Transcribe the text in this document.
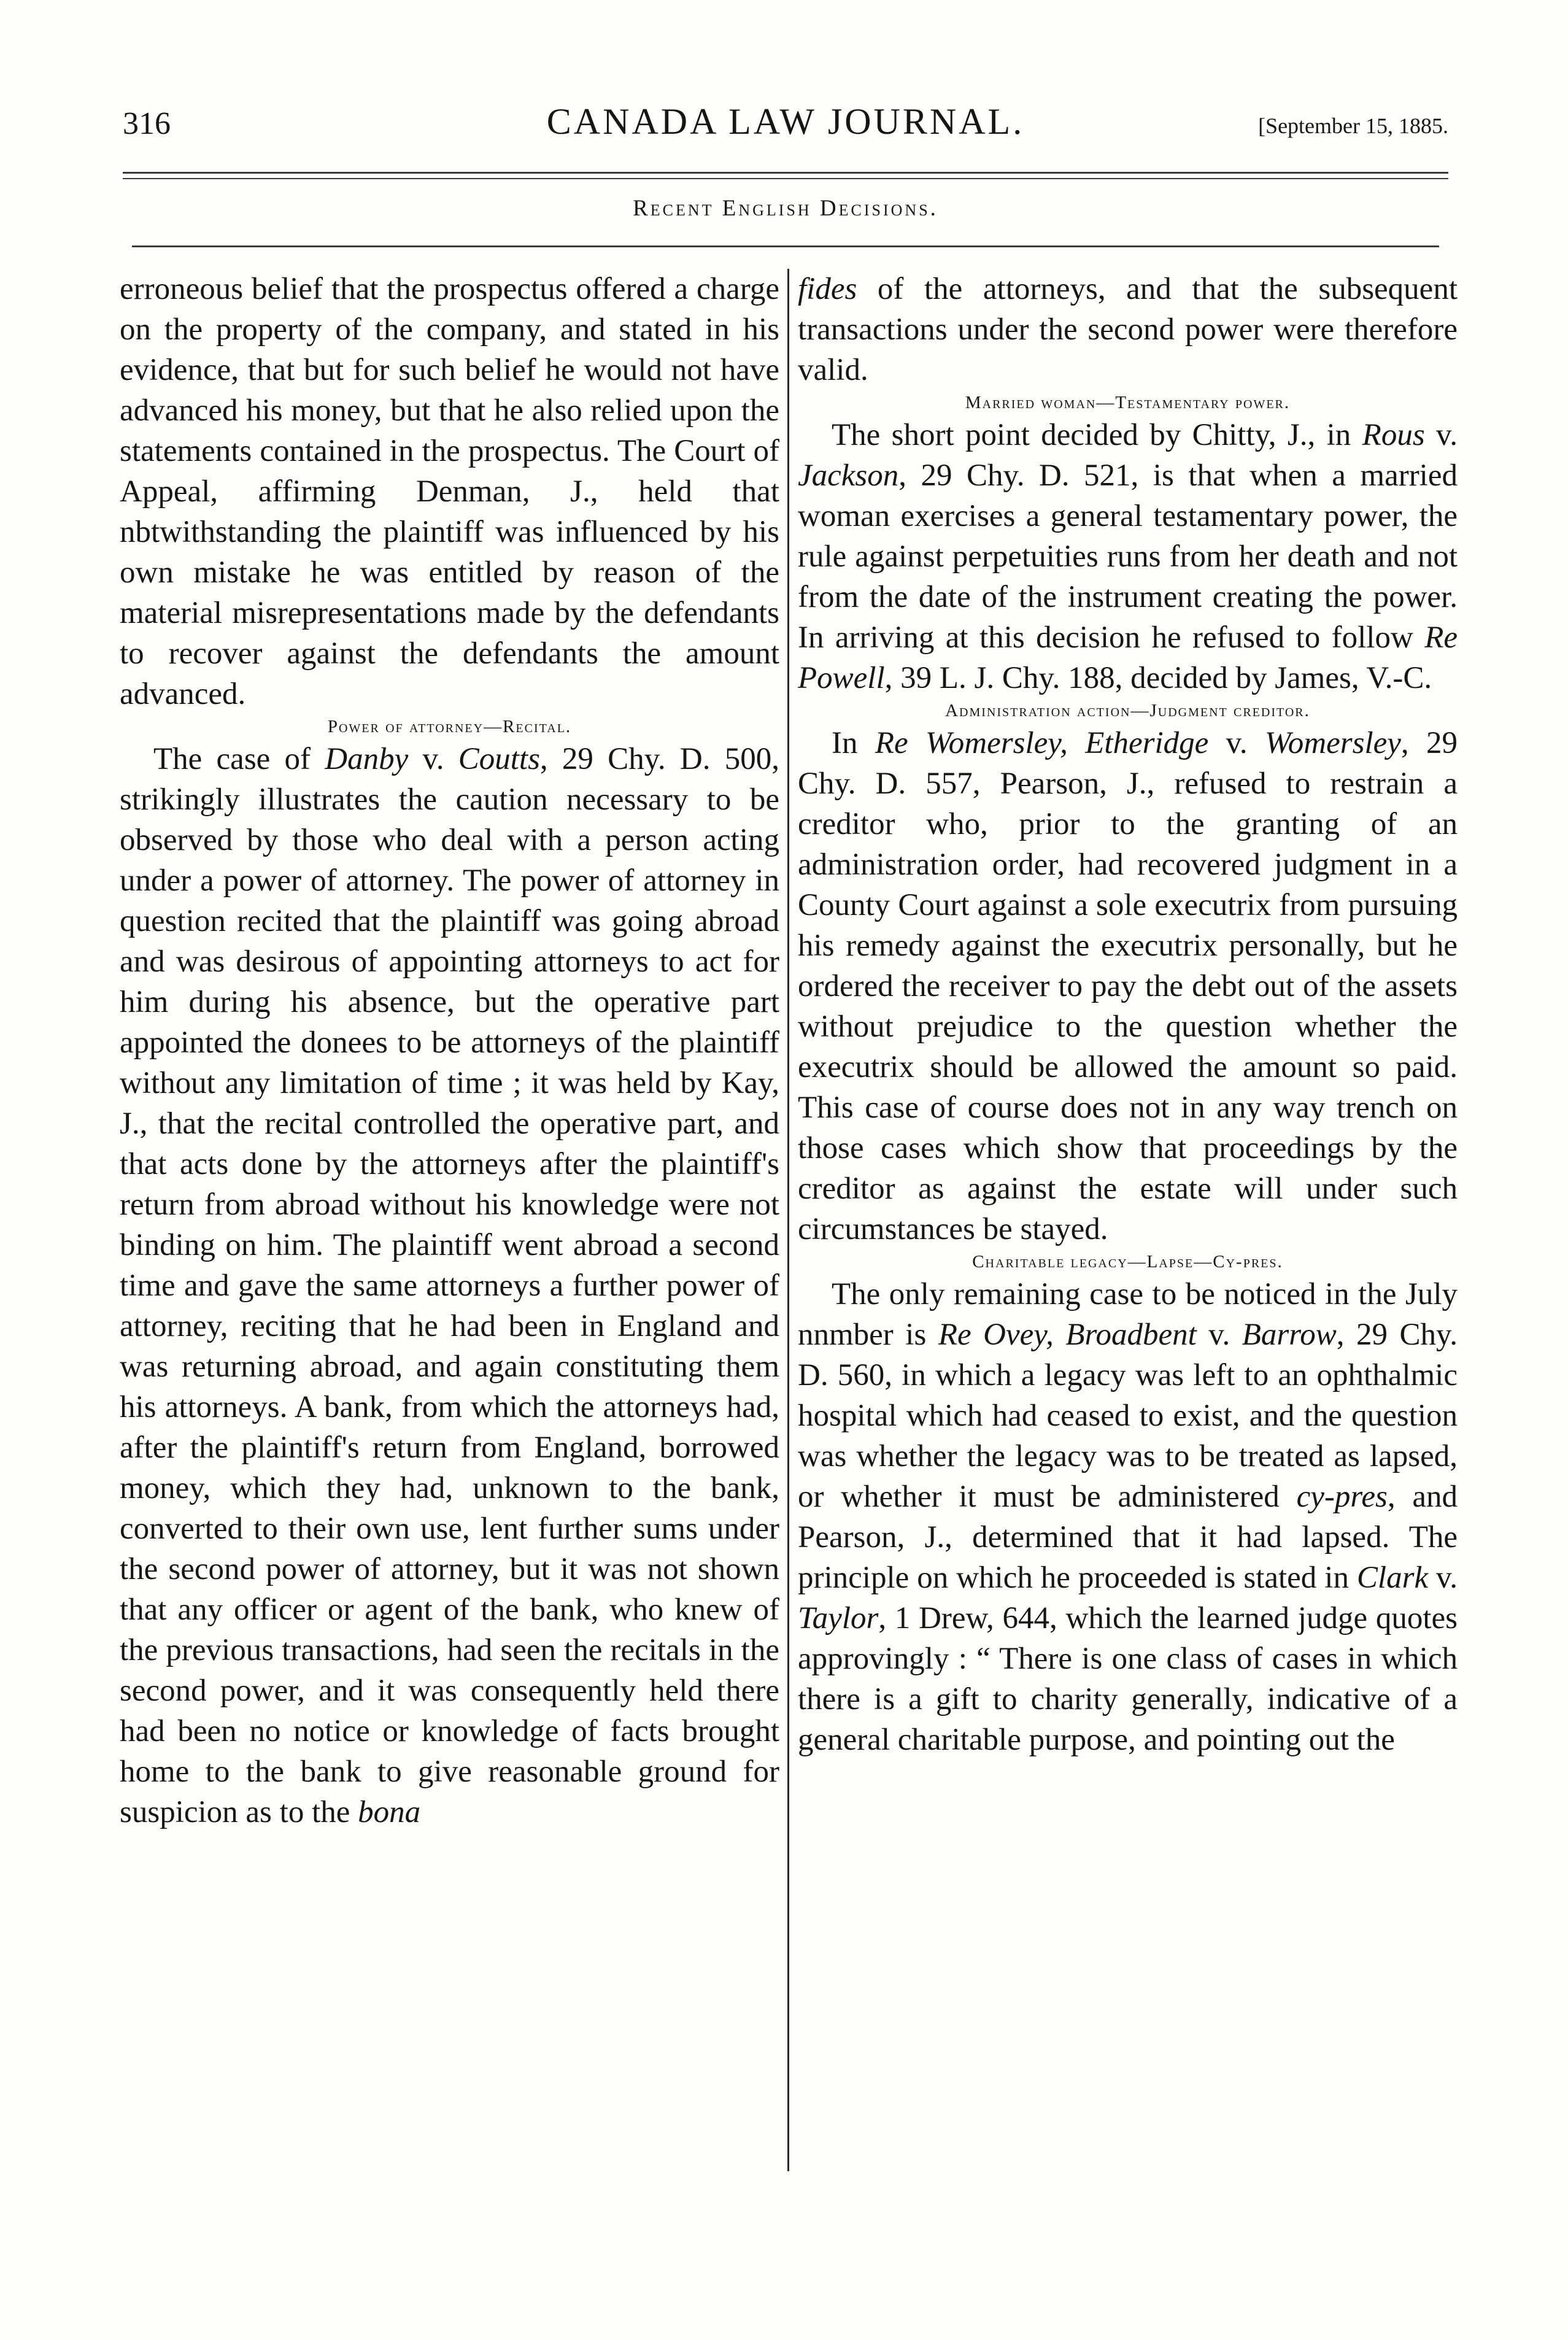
316	CANADA LAW JOURNAL.	[September 15, 1885.
Recent English Decisions.

erroneous belief that the prospectus offered a charge on the property of the company, and stated in his evidence, that but for such belief he would not have advanced his money, but that he also relied upon the statements contained in the prospectus. The Court of Appeal, affirming Denman, J., held that nbtwithstanding the plaintiff was influenced by his own mistake he was entitled by reason of the material misrepresentations made by the defendants to recover against the defendants the amount advanced.

Power of attorney—Recital.

The case of Danby v. Coutts, 29 Chy. D. 500, strikingly illustrates the caution necessary to be observed by those who deal with a person acting under a power of attorney. The power of attorney in question recited that the plaintiff was going abroad and was desirous of appointing attorneys to act for him during his absence, but the operative part appointed the donees to be attorneys of the plaintiff without any limitation of time ; it was held by Kay, J., that the recital controlled the operative part, and that acts done by the attorneys after the plaintiff's return from abroad without his knowledge were not binding on him. The plaintiff went abroad a second time and gave the same attorneys a further power of attorney, reciting that he had been in England and was returning abroad, and again constituting them his attorneys. A bank, from which the attorneys had, after the plaintiff's return from England, borrowed money, which they had, unknown to the bank, converted to their own use, lent further sums under the second power of attorney, but it was not shown that any officer or agent of the bank, who knew of the previous transactions, had seen the recitals in the second power, and it was consequently held there had been no notice or knowledge of facts brought home to the bank to give reasonable ground for suspicion as to the bona

fides of the attorneys, and that the subsequent transactions under the second power were therefore valid.

Married woman—Testamentary power.

The short point decided by Chitty, J., in Rous v. Jackson, 29 Chy. D. 521, is that when a married woman exercises a general testamentary power, the rule against perpetuities runs from her death and not from the date of the instrument creating the power. In arriving at this decision he refused to follow Re Powell, 39 L. J. Chy. 188, decided by James, V.-C.

Administration action—Judgment creditor.

In Re Womersley, Etheridge v. Womersley, 29 Chy. D. 557, Pearson, J., refused to restrain a creditor who, prior to the granting of an administration order, had recovered judgment in a County Court against a sole executrix from pursuing his remedy against the executrix personally, but he ordered the receiver to pay the debt out of the assets without prejudice to the question whether the executrix should be allowed the amount so paid. This case of course does not in any way trench on those cases which show that proceedings by the creditor as against the estate will under such circumstances be stayed.

Charitable legacy—Lapse—Cy-pres.

The only remaining case to be noticed in the July nnmber is Re Ovey, Broadbent v. Barrow, 29 Chy. D. 560, in which a legacy was left to an ophthalmic hospital which had ceased to exist, and the question was whether the legacy was to be treated as lapsed, or whether it must be administered cy-pres, and Pearson, J., determined that it had lapsed. The principle on which he proceeded is stated in Clark v. Taylor, 1 Drew, 644, which the learned judge quotes approvingly : “ There is one class of cases in which there is a gift to charity generally, indicative of a general charitable purpose, and pointing out the
